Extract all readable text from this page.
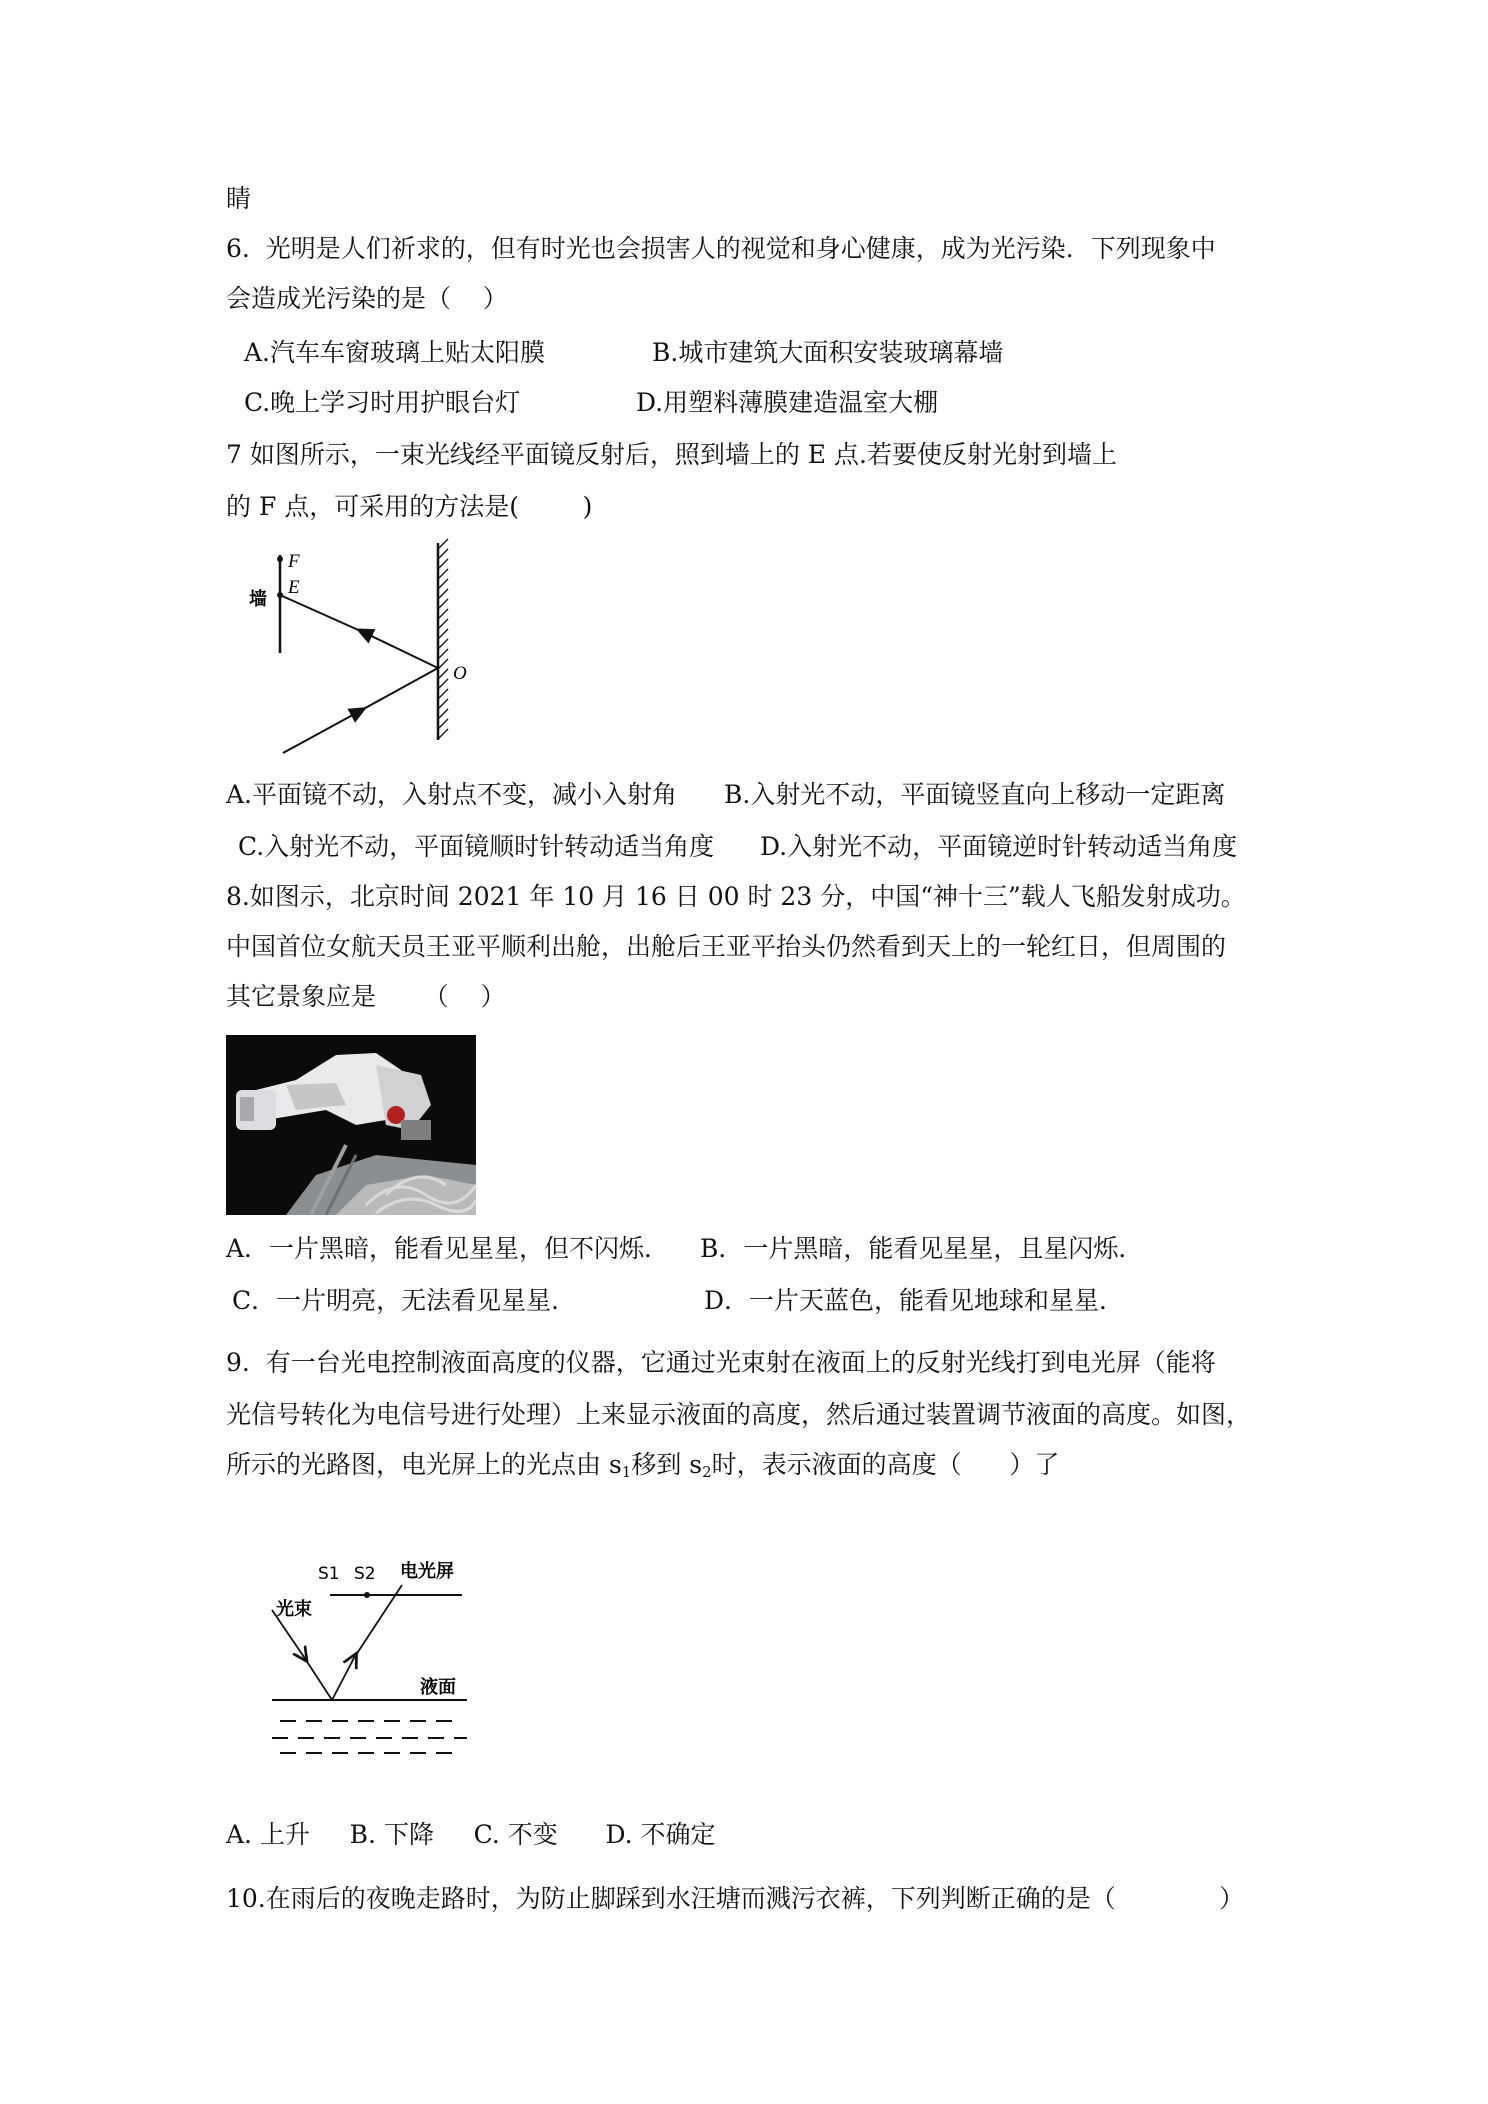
睛
6.  光明是人们祈求的，但有时光也会损害人的视觉和身心健康，成为光污染．下列现象中
会造成光污染的是（    ）
A.汽车车窗玻璃上贴太阳膜	B.城市建筑大面积安装玻璃幕墙
C.晚上学习时用护眼台灯	D.用塑料薄膜建造温室大棚
7 如图所示，一束光线经平面镜反射后，照到墙上的 E 点.若要使反射光射到墙上
的 F 点，可采用的方法是(        )
F
E
墙
O
A.平面镜不动，入射点不变，减小入射角 B.入射光不动，平面镜竖直向上移动一定距离
C.入射光不动，平面镜顺时针转动适当角度 D.入射光不动，平面镜逆时针转动适当角度
8.如图示，北京时间 2021 年 10 月 16 日 00 时 23 分，中国“神十三”载人飞船发射成功。
中国首位女航天员王亚平顺利出舱，出舱后王亚平抬头仍然看到天上的一轮红日，但周围的
其它景象应是      （    ）
A．一片黑暗，能看见星星，但不闪烁． B．一片黑暗，能看见星星，且星闪烁．
C．一片明亮，无法看见星星．	D．一片天蓝色，能看见地球和星星．
9.  有一台光电控制液面高度的仪器，它通过光束射在液面上的反射光线打到电光屏（能将
光信号转化为电信号进行处理）上来显示液面的高度，然后通过装置调节液面的高度。如图，
所示的光路图，电光屏上的光点由 $s_1$移到 $s_2$时，表示液面的高度（      ）了
S1 S2 电光屏
光束
液面
A. 上升     B. 下降     C. 不变      D. 不确定
10.在雨后的夜晚走路时，为防止脚踩到水汪塘而溅污衣裤，下列判断正确的是（             ）
